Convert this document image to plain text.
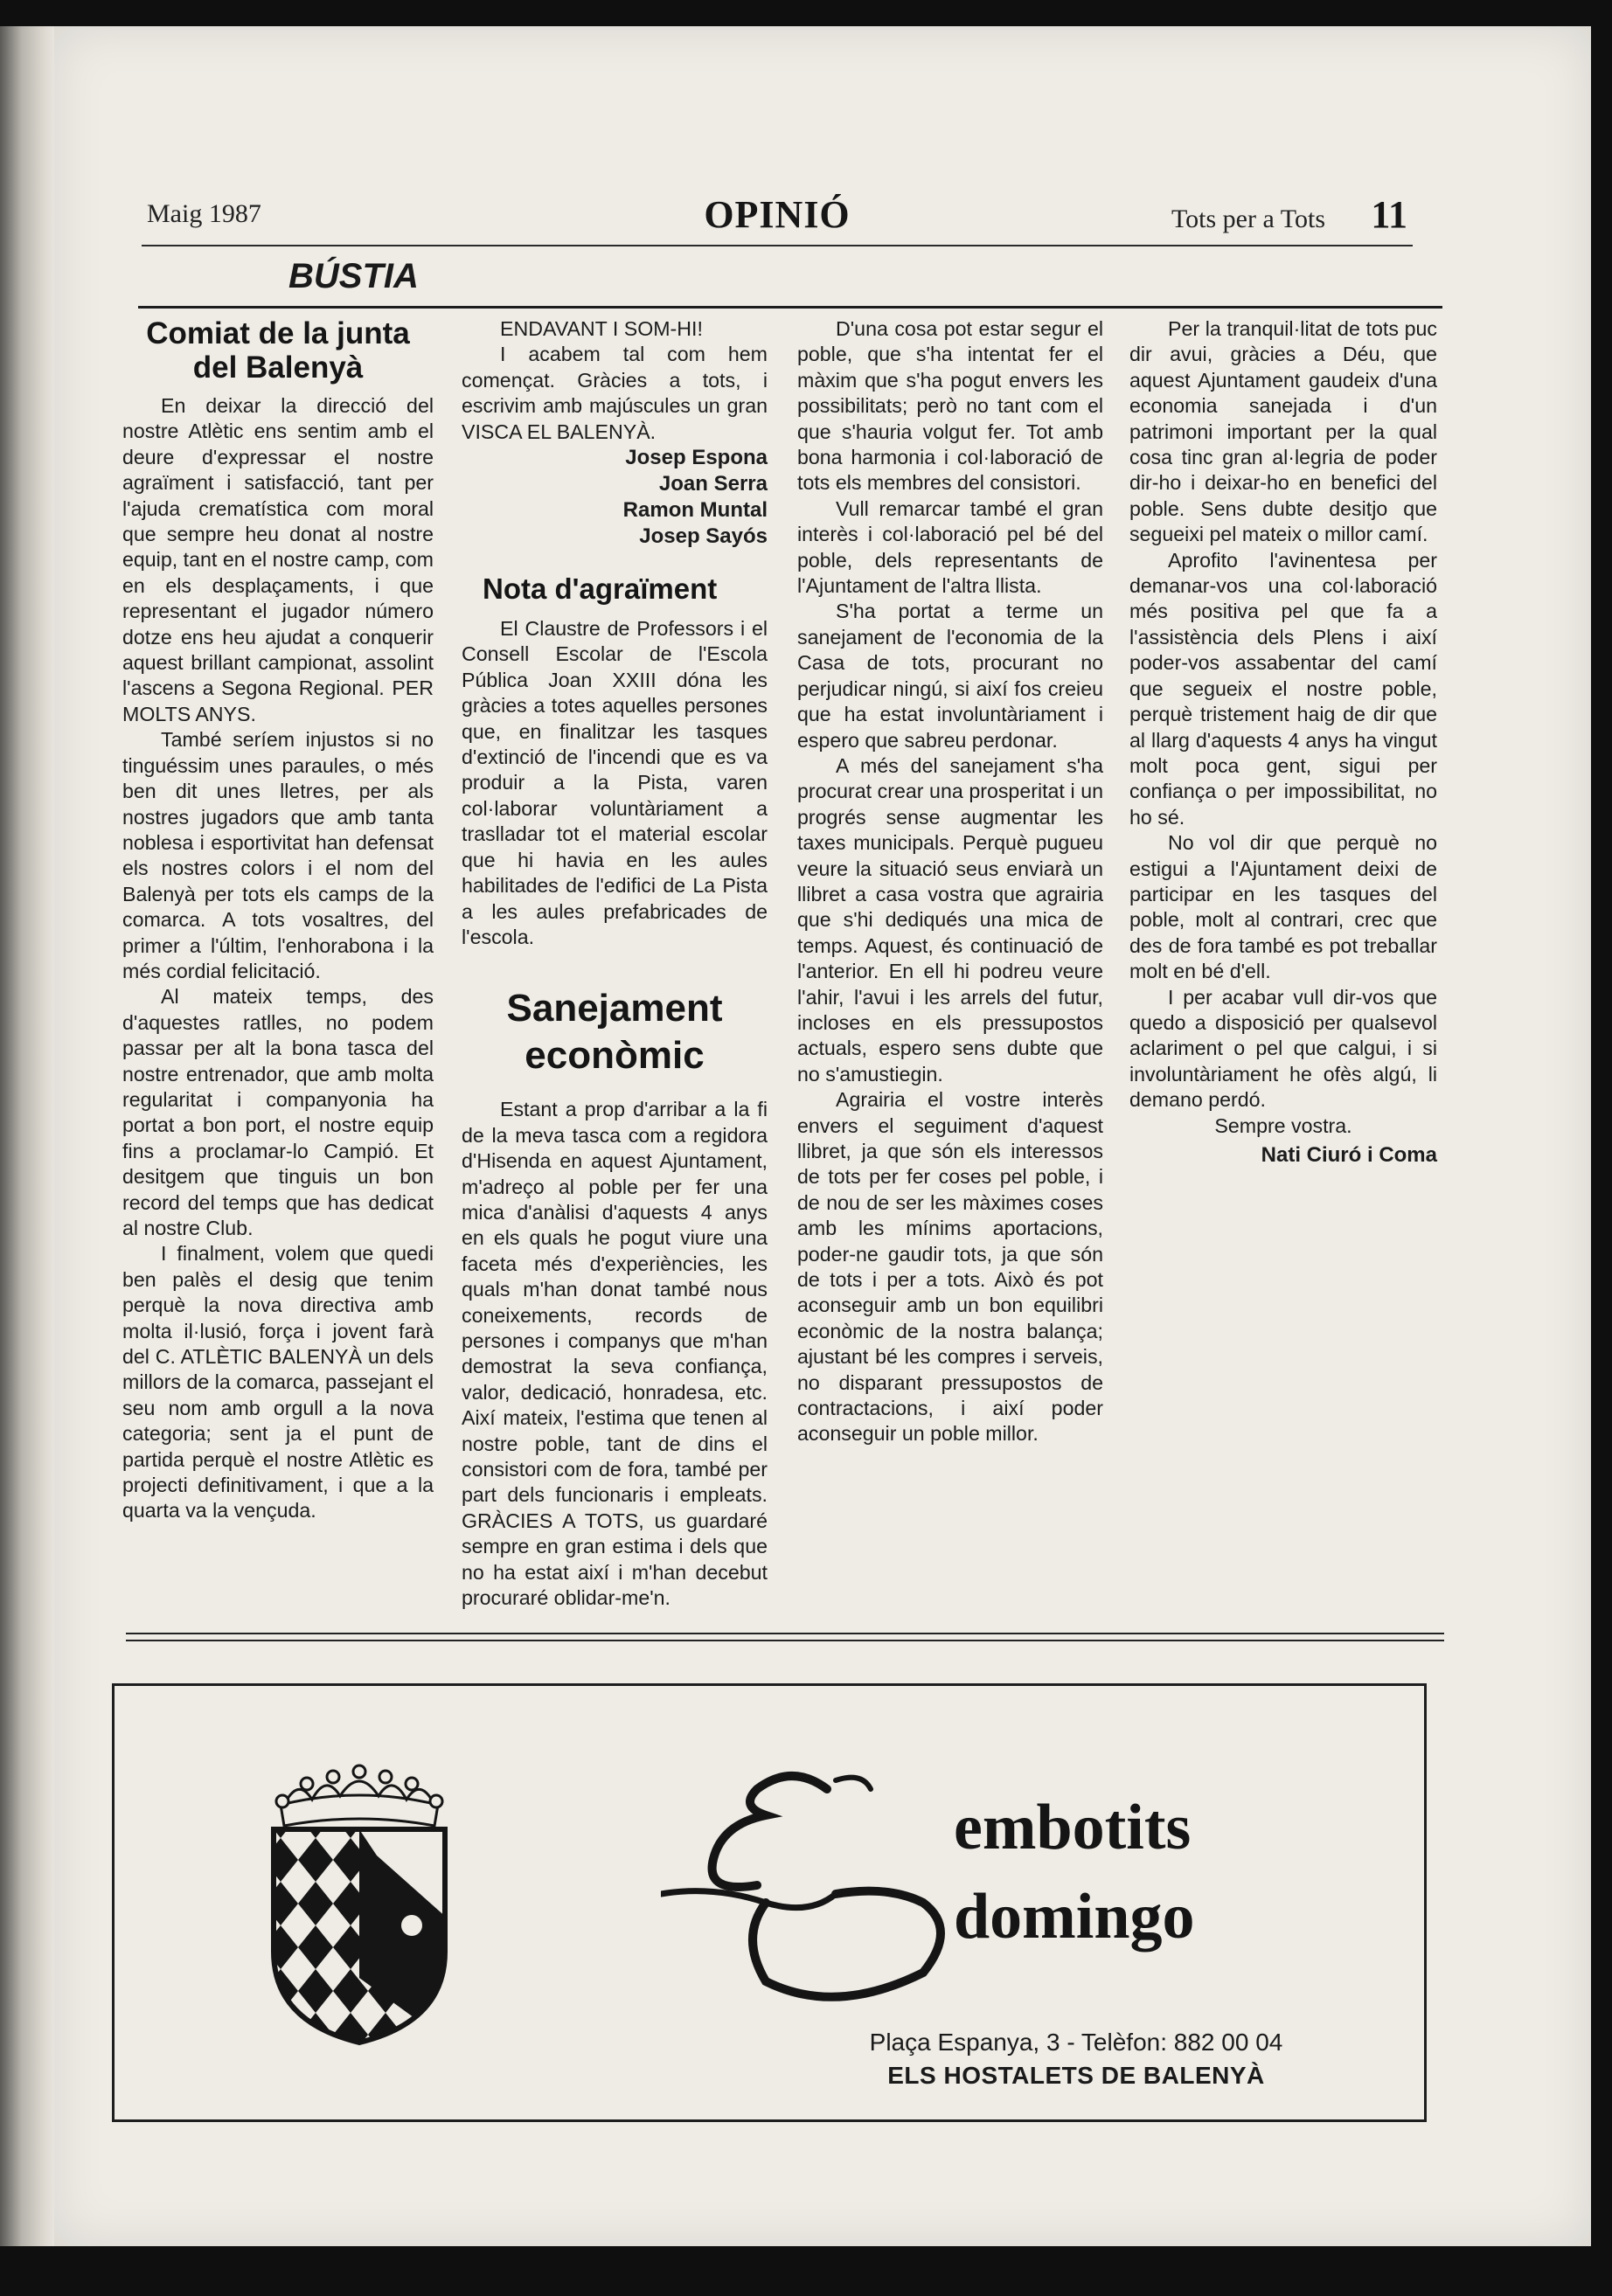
Maig 1987	OPINIÓ	Tots per a Tots 11
BÚSTIA
Comiat de la junta del Balenyà

En deixar la direcció del nostre Atlètic ens sentim amb el deure d'expressar el nostre agraïment i satisfacció, tant per l'ajuda crematística com moral que sempre heu donat al nostre equip, tant en el nostre camp, com en els desplaçaments, i que representant el jugador número dotze ens heu ajudat a conquerir aquest brillant campionat, assolint l'ascens a Segona Regional. PER MOLTS ANYS.

També seríem injustos si no tinguéssim unes paraules, o més ben dit unes lletres, per als nostres jugadors que amb tanta noblesa i esportivitat han defensat els nostres colors i el nom del Balenyà per tots els camps de la comarca. A tots vosaltres, del primer a l'últim, l'enhorabona i la més cordial felicitació.

Al mateix temps, des d'aquestes ratlles, no podem passar per alt la bona tasca del nostre entrenador, que amb molta regularitat i companyonia ha portat a bon port, el nostre equip fins a proclamar-lo Campió. Et desitgem que tinguis un bon record del temps que has dedicat al nostre Club.

I finalment, volem que quedi ben palès el desig que tenim perquè la nova directiva amb molta il·lusió, força i jovent farà del C. ATLÈTIC BALENYÀ un dels millors de la comarca, passejant el seu nom amb orgull a la nova categoria; sent ja el punt de partida perquè el nostre Atlètic es projecti definitivament, i que a la quarta va la vençuda.

ENDAVANT I SOM-HI!

I acabem tal com hem començat. Gràcies a tots, i escrivim amb majúscules un gran VISCA EL BALENYÀ.

Josep Espona
Joan Serra
Ramon Muntal
Josep Sayós
Nota d'agraïment

El Claustre de Professors i el Consell Escolar de l'Escola Pública Joan XXIII dóna les gràcies a totes aquelles persones que, en finalitzar les tasques d'extinció de l'incendi que es va produir a la Pista, varen col·laborar voluntàriament a traslladar tot el material escolar que hi havia en les aules habilitades de l'edifici de La Pista a les aules prefabricades de l'escola.

Sanejament econòmic

Estant a prop d'arribar a la fi de la meva tasca com a regidora d'Hisenda en aquest Ajuntament, m'adreço al poble per fer una mica d'anàlisi d'aquests 4 anys en els quals he pogut viure una faceta més d'experiències, les quals m'han donat també nous coneixements, records de persones i companys que m'han demostrat la seva confiança, valor, dedicació, honradesa, etc. Així mateix, l'estima que tenen al nostre poble, tant de dins el consistori com de fora, també per part dels funcionaris i empleats. GRÀCIES A TOTS, us guardaré sempre en gran estima i dels que no ha estat així i m'han decebut procuraré oblidar-me'n.

D'una cosa pot estar segur el poble, que s'ha intentat fer el màxim que s'ha pogut envers les possibilitats; però no tant com el que s'hauria volgut fer. Tot amb bona harmonia i col·laboració de tots els membres del consistori.

Vull remarcar també el gran interès i col·laboració pel bé del poble, dels representants de l'Ajuntament de l'altra llista.

S'ha portat a terme un sanejament de l'economia de la Casa de tots, procurant no perjudicar ningú, si així fos creieu que ha estat involuntàriament i espero que sabreu perdonar.

A més del sanejament s'ha procurat crear una prosperitat i un progrés sense augmentar les taxes municipals. Perquè pugueu veure la situació seus enviarà un llibret a casa vostra que agrairia que s'hi dediqués una mica de temps. Aquest, és continuació de l'anterior. En ell hi podreu veure l'ahir, l'avui i les arrels del futur, incloses en els pressupostos actuals, espero sens dubte que no s'amustiegin.

Agrairia el vostre interès envers el seguiment d'aquest llibret, ja que són els interessos de tots per fer coses pel poble, i de nou de ser les màximes coses amb les mínims aportacions, poder-ne gaudir tots, ja que són de tots i per a tots. Això és pot aconseguir amb un bon equilibri econòmic de la nostra balança; ajustant bé les compres i serveis, no disparant pressupostos de contractacions, i així poder aconseguir un poble millor.

Per la tranquil·litat de tots puc dir avui, gràcies a Déu, que aquest Ajuntament gaudeix d'una economia sanejada i d'un patrimoni important per la qual cosa tinc gran al·legria de poder dir-ho i deixar-ho en benefici del poble. Sens dubte desitjo que segueixi pel mateix o millor camí.

Aprofito l'avinentesa per demanar-vos una col·laboració més positiva pel que fa a l'assistència dels Plens i així poder-vos assabentar del camí que segueix el nostre poble, perquè tristement haig de dir que al llarg d'aquests 4 anys ha vingut molt poca gent, sigui per confiança o per impossibilitat, no ho sé.

No vol dir que perquè no estigui a l'Ajuntament deixi de participar en les tasques del poble, molt al contrari, crec que des de fora també es pot treballar molt en bé d'ell.

I per acabar vull dir-vos que quedo a disposició per qualsevol aclariment o pel que calgui, i si involuntàriament he ofès algú, li demano perdó.

Sempre vostra.

Nati Ciuró i Coma
embotits
domingo
Plaça Espanya, 3 - Telèfon: 882 00 04
ELS HOSTALETS DE BALENYÀ
